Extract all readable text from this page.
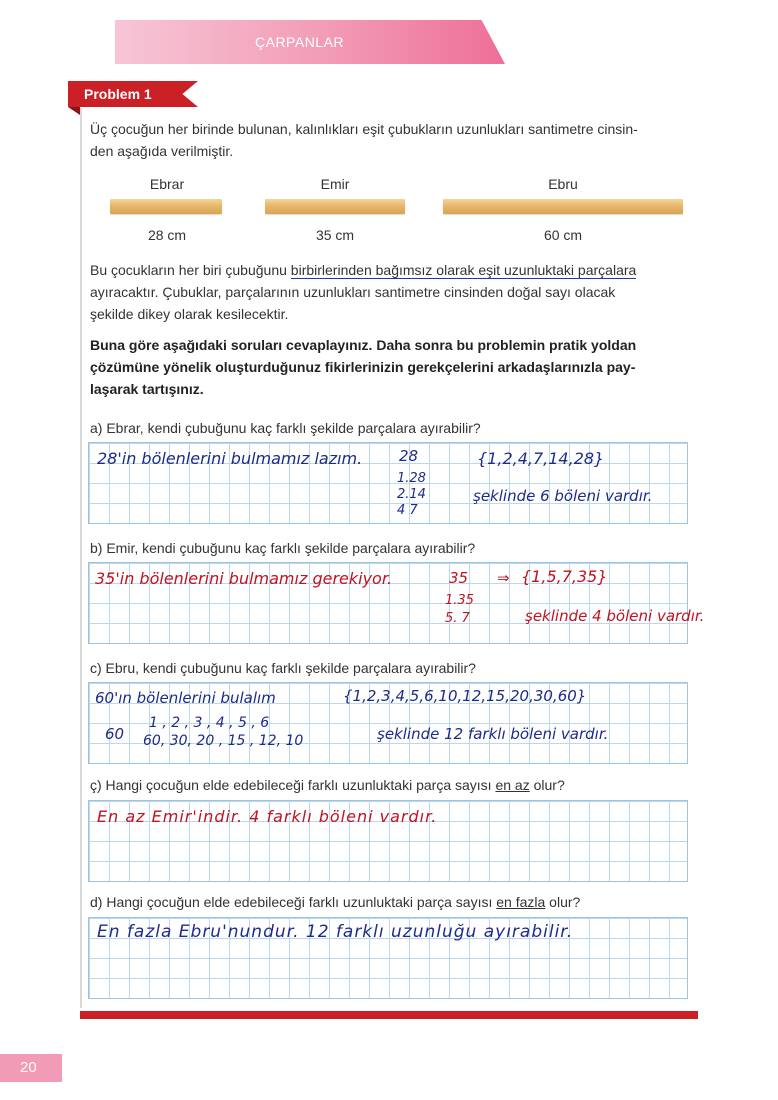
ÇARPANLAR
Problem 1
Üç çocuğun her birinde bulunan, kalınlıkları eşit çubukların uzunlukları santimetre cinsin-
den aşağıda verilmiştir.
Ebrar
28 cm
Emir
35 cm
Ebru
60 cm
Bu çocukların her biri çubuğunu birbirlerinden bağımsız olarak eşit uzunluktaki parçalara
ayıracaktır. Çubuklar, parçalarının uzunlukları santimetre cinsinden doğal sayı olacak
şekilde dikey olarak kesilecektir.
Buna göre aşağıdaki soruları cevaplayınız. Daha sonra bu problemin pratik yoldan
çözümüne yönelik oluşturduğunuz fikirlerinizin gerekçelerini arkadaşlarınızla pay-
laşarak tartışınız.
a) Ebrar, kendi çubuğunu kaç farklı şekilde parçalara ayırabilir?
28'in bölenlerini bulmamız lazım. 28
1.28
2.14
4 7
{1,2,4,7,14,28}
şeklinde 6 böleni vardır.
b) Emir, kendi çubuğunu kaç farklı şekilde parçalara ayırabilir?
35'in bölenlerini bulmamız gerekiyor.	35 ⇒ {1,5,7,35}
1.35
5. 7	şeklinde 4 böleni vardır.
c) Ebru, kendi çubuğunu kaç farklı şekilde parçalara ayırabilir?
60'ın bölenlerini bulalım	{1,2,3,4,5,6,10,12,15,20,30,60}
60
1 , 2 , 3 , 4 , 5 , 6
60, 30, 20 , 15 , 12, 10	şeklinde 12 farklı böleni vardır.
ç) Hangi çocuğun elde edebileceği farklı uzunluktaki parça sayısı en az olur?
En az Emir'indir. 4 farklı böleni vardır.
d) Hangi çocuğun elde edebileceği farklı uzunluktaki parça sayısı en fazla olur?
En fazla Ebru'nundur. 12 farklı uzunluğu ayırabilir.
20
